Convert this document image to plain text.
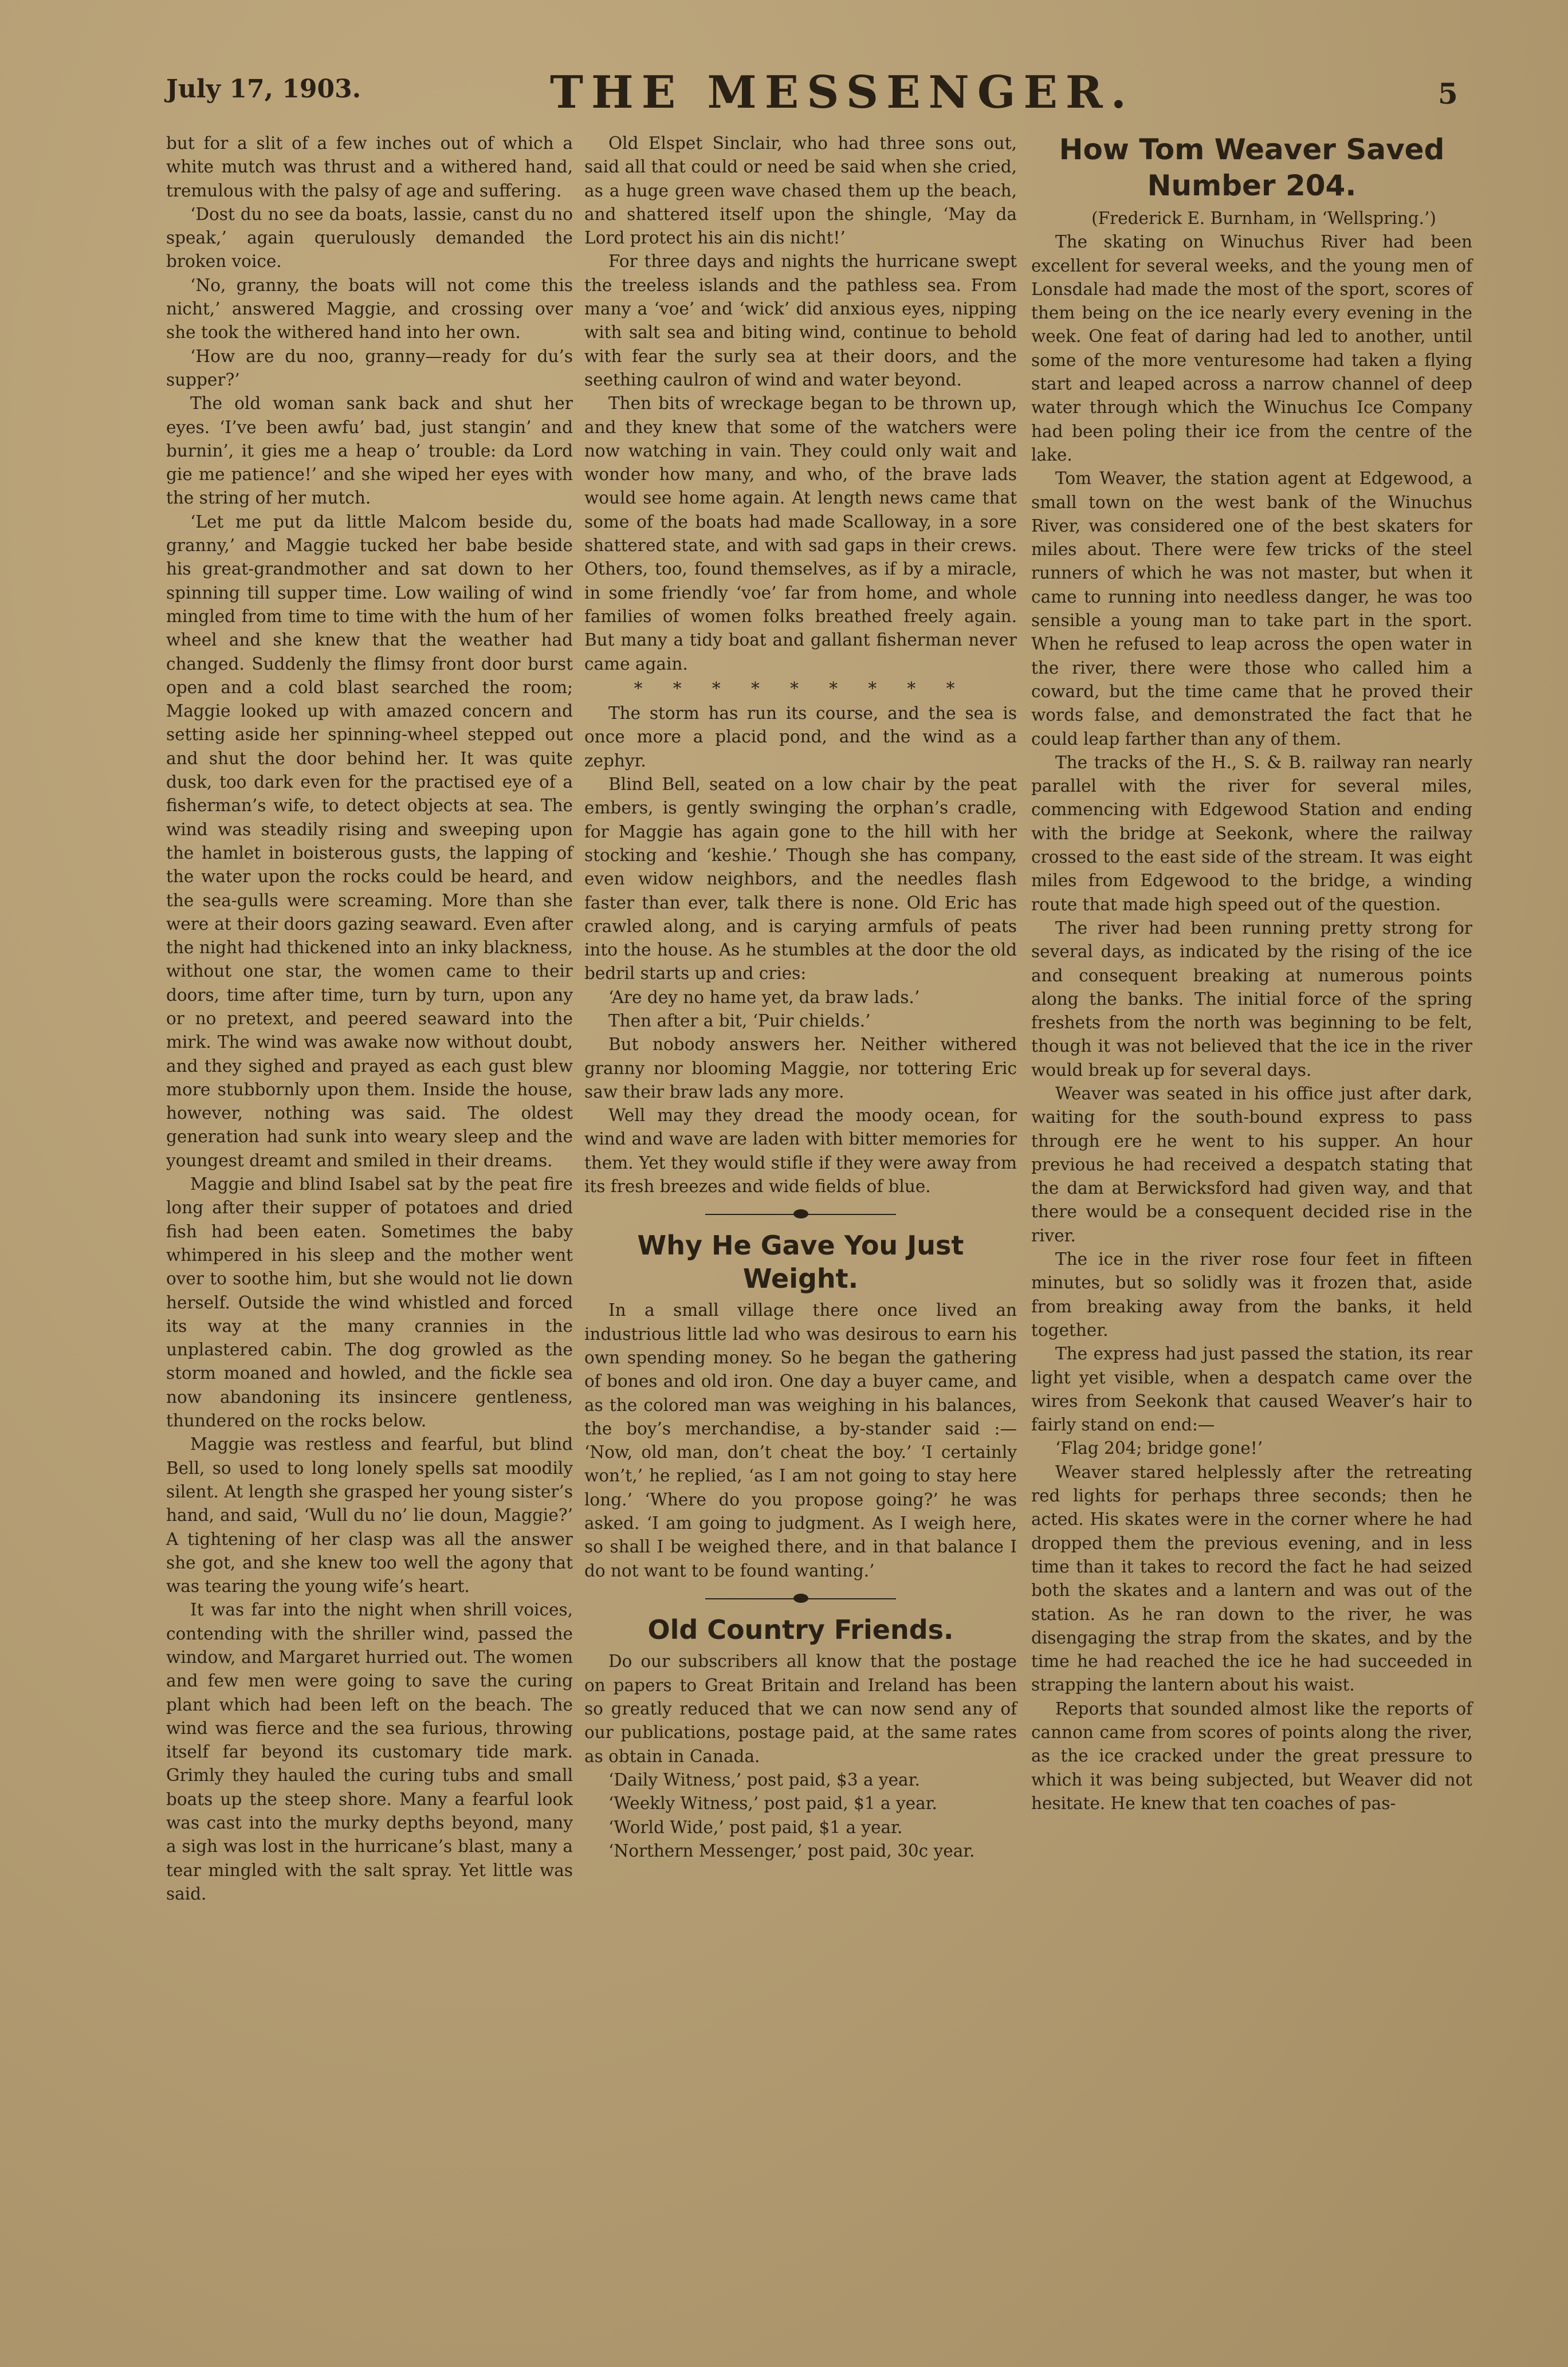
July 17, 1903.	THE MESSENGER.	5

but for a slit of a few inches out of which a white mutch was thrust and a withered hand, tremulous with the palsy of age and suffering.

‘Dost du no see da boats, lassie, canst du no speak,’ again querulously demanded the broken voice.

‘No, granny, the boats will not come this nicht,’ answered Maggie, and crossing over she took the withered hand into her own.

‘How are du noo, granny—ready for du’s supper?’

The old woman sank back and shut her eyes. ‘I’ve been awfu’ bad, just stangin’ and burnin’, it gies me a heap o’ trouble: da Lord gie me patience!’ and she wiped her eyes with the string of her mutch.

‘Let me put da little Malcom beside du, granny,’ and Maggie tucked her babe beside his great-grandmother and sat down to her spinning till supper time. Low wailing of wind mingled from time to time with the hum of her wheel and she knew that the weather had changed. Suddenly the flimsy front door burst open and a cold blast searched the room; Maggie looked up with amazed concern and setting aside her spinning-wheel stepped out and shut the door behind her. It was quite dusk, too dark even for the practised eye of a fisherman’s wife, to detect objects at sea. The wind was steadily rising and sweeping upon the hamlet in boisterous gusts, the lapping of the water upon the rocks could be heard, and the sea-gulls were screaming. More than she were at their doors gazing seaward. Even after the night had thickened into an inky blackness, without one star, the women came to their doors, time after time, turn by turn, upon any or no pretext, and peered seaward into the mirk. The wind was awake now without doubt, and they sighed and prayed as each gust blew more stubbornly upon them. Inside the house, however, nothing was said. The oldest generation had sunk into weary sleep and the youngest dreamt and smiled in their dreams.

Maggie and blind Isabel sat by the peat fire long after their supper of potatoes and dried fish had been eaten. Sometimes the baby whimpered in his sleep and the mother went over to soothe him, but she would not lie down herself. Outside the wind whistled and forced its way at the many crannies in the unplastered cabin. The dog growled as the storm moaned and howled, and the fickle sea now abandoning its insincere gentleness, thundered on the rocks below.

Maggie was restless and fearful, but blind Bell, so used to long lonely spells sat moodily silent. At length she grasped her young sister’s hand, and said, ‘Wull du no’ lie doun, Maggie?’ A tightening of her clasp was all the answer she got, and she knew too well the agony that was tearing the young wife’s heart.

It was far into the night when shrill voices, contending with the shriller wind, passed the window, and Margaret hurried out. The women and few men were going to save the curing plant which had been left on the beach. The wind was fierce and the sea furious, throwing itself far beyond its customary tide mark. Grimly they hauled the curing tubs and small boats up the steep shore. Many a fearful look was cast into the murky depths beyond, many a sigh was lost in the hurricane’s blast, many a tear mingled with the salt spray. Yet little was said.

Old Elspet Sinclair, who had three sons out, said all that could or need be said when she cried, as a huge green wave chased them up the beach, and shattered itself upon the shingle, ‘May da Lord protect his ain dis nicht!’

For three days and nights the hurricane swept the treeless islands and the pathless sea. From many a ‘voe’ and ‘wick’ did anxious eyes, nipping with salt sea and biting wind, continue to behold with fear the surly sea at their doors, and the seething caulron of wind and water beyond.

Then bits of wreckage began to be thrown up, and they knew that some of the watchers were now watching in vain. They could only wait and wonder how many, and who, of the brave lads would see home again. At length news came that some of the boats had made Scalloway, in a sore shattered state, and with sad gaps in their crews. Others, too, found themselves, as if by a miracle, in some friendly ‘voe’ far from home, and whole families of women folks breathed freely again. But many a tidy boat and gallant fisherman never came again.

* * * * * * * * *

The storm has run its course, and the sea is once more a placid pond, and the wind as a zephyr.

Blind Bell, seated on a low chair by the peat embers, is gently swinging the orphan’s cradle, for Maggie has again gone to the hill with her stocking and ‘keshie.’ Though she has company, even widow neighbors, and the needles flash faster than ever, talk there is none. Old Eric has crawled along, and is carying armfuls of peats into the house. As he stumbles at the door the old bedril starts up and cries:

‘Are dey no hame yet, da braw lads.’

Then after a bit, ‘Puir chields.’

But nobody answers her. Neither withered granny nor blooming Maggie, nor tottering Eric saw their braw lads any more.

Well may they dread the moody ocean, for wind and wave are laden with bitter memories for them. Yet they would stifle if they were away from its fresh breezes and wide fields of blue.

Why He Gave You Just Weight.

In a small village there once lived an industrious little lad who was desirous to earn his own spending money. So he began the gathering of bones and old iron. One day a buyer came, and as the colored man was weighing in his balances, the boy’s merchandise, a by-stander said :— ‘Now, old man, don’t cheat the boy.’ ‘I certainly won’t,’ he replied, ‘as I am not going to stay here long.’ ‘Where do you propose going?’ he was asked. ‘I am going to judgment. As I weigh here, so shall I be weighed there, and in that balance I do not want to be found wanting.’

Old Country Friends.

Do our subscribers all know that the postage on papers to Great Britain and Ireland has been so greatly reduced that we can now send any of our publications, postage paid, at the same rates as obtain in Canada.

‘Daily Witness,’ post paid, $3 a year.

‘Weekly Witness,’ post paid, $1 a year.

‘World Wide,’ post paid, $1 a year.

‘Northern Messenger,’ post paid, 30c year.

How Tom Weaver Saved Number 204.

(Frederick E. Burnham, in ‘Wellspring.’)

The skating on Winuchus River had been excellent for several weeks, and the young men of Lonsdale had made the most of the sport, scores of them being on the ice nearly every evening in the week. One feat of daring had led to another, until some of the more venturesome had taken a flying start and leaped across a narrow channel of deep water through which the Winuchus Ice Company had been poling their ice from the centre of the lake.

Tom Weaver, the station agent at Edgewood, a small town on the west bank of the Winuchus River, was considered one of the best skaters for miles about. There were few tricks of the steel runners of which he was not master, but when it came to running into needless danger, he was too sensible a young man to take part in the sport. When he refused to leap across the open water in the river, there were those who called him a coward, but the time came that he proved their words false, and demonstrated the fact that he could leap farther than any of them.

The tracks of the H., S. & B. railway ran nearly parallel with the river for several miles, commencing with Edgewood Station and ending with the bridge at Seekonk, where the railway crossed to the east side of the stream. It was eight miles from Edgewood to the bridge, a winding route that made high speed out of the question.

The river had been running pretty strong for several days, as indicated by the rising of the ice and consequent breaking at numerous points along the banks. The initial force of the spring freshets from the north was beginning to be felt, though it was not believed that the ice in the river would break up for several days.

Weaver was seated in his office just after dark, waiting for the south-bound express to pass through ere he went to his supper. An hour previous he had received a despatch stating that the dam at Berwicksford had given way, and that there would be a consequent decided rise in the river.

The ice in the river rose four feet in fifteen minutes, but so solidly was it frozen that, aside from breaking away from the banks, it held together.

The express had just passed the station, its rear light yet visible, when a despatch came over the wires from Seekonk that caused Weaver’s hair to fairly stand on end:—

‘Flag 204; bridge gone!’

Weaver stared helplessly after the retreating red lights for perhaps three seconds; then he acted. His skates were in the corner where he had dropped them the previous evening, and in less time than it takes to record the fact he had seized both the skates and a lantern and was out of the station. As he ran down to the river, he was disengaging the strap from the skates, and by the time he had reached the ice he had succeeded in strapping the lantern about his waist.

Reports that sounded almost like the reports of cannon came from scores of points along the river, as the ice cracked under the great pressure to which it was being subjected, but Weaver did not hesitate. He knew that ten coaches of pas-
